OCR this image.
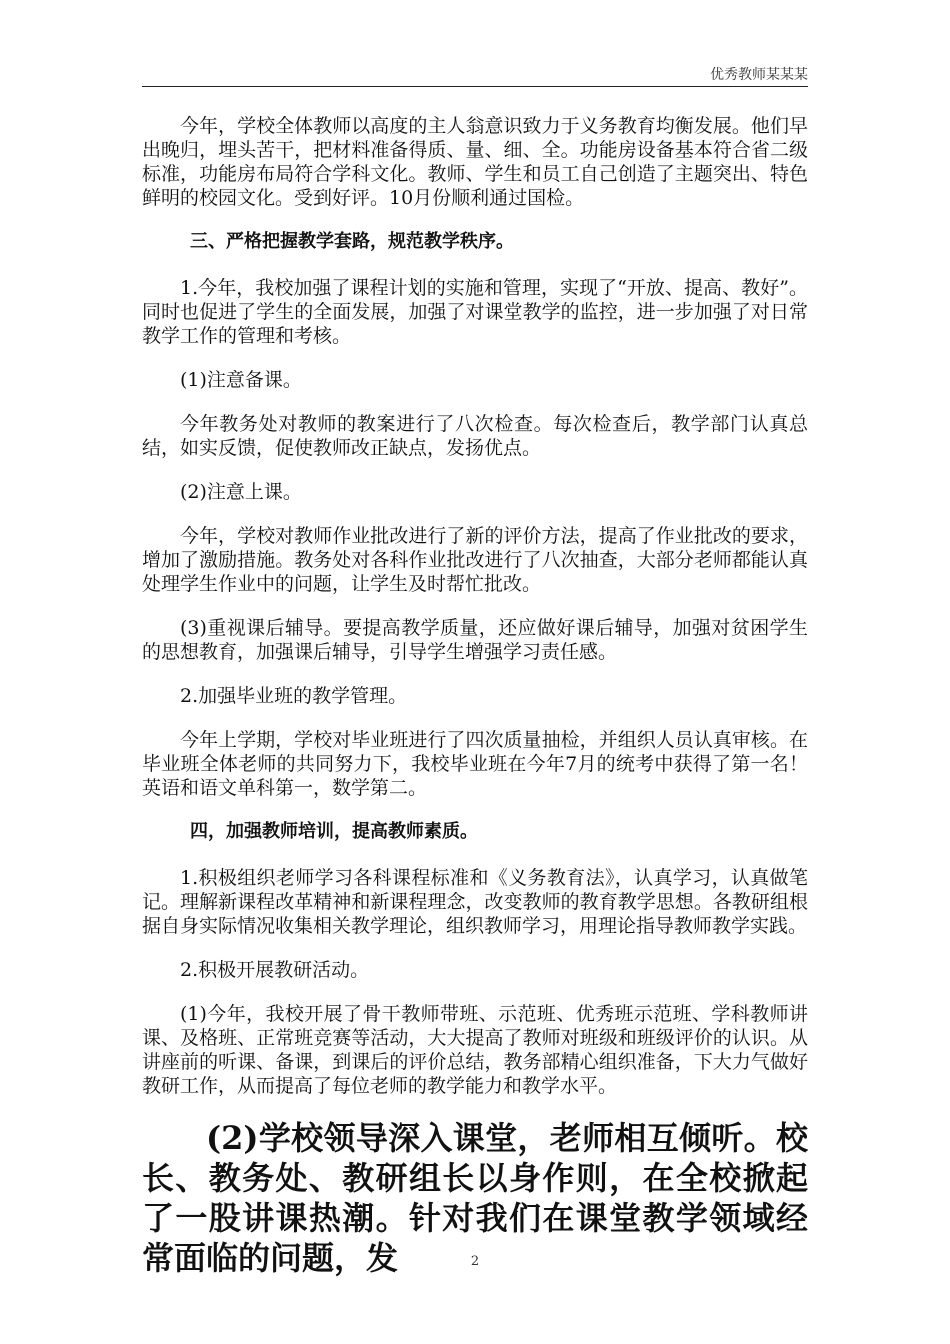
优秀教师某某某

今年，学校全体教师以高度的主人翁意识致力于义务教育均衡发展。他们早出晚归，埋头苦干，把材料准备得质、量、细、全。功能房设备基本符合省二级标准，功能房布局符合学科文化。教师、学生和员工自己创造了主题突出、特色鲜明的校园文化。受到好评。10月份顺利通过国检。

三、严格把握教学套路，规范教学秩序。

1.今年，我校加强了课程计划的实施和管理，实现了“开放、提高、教好”。同时也促进了学生的全面发展，加强了对课堂教学的监控，进一步加强了对日常教学工作的管理和考核。

(1)注意备课。

今年教务处对教师的教案进行了八次检查。每次检查后，教学部门认真总结，如实反馈，促使教师改正缺点，发扬优点。

(2)注意上课。

今年，学校对教师作业批改进行了新的评价方法，提高了作业批改的要求，增加了激励措施。教务处对各科作业批改进行了八次抽查，大部分老师都能认真处理学生作业中的问题，让学生及时帮忙批改。

(3)重视课后辅导。要提高教学质量，还应做好课后辅导，加强对贫困学生的思想教育，加强课后辅导，引导学生增强学习责任感。

2.加强毕业班的教学管理。

今年上学期，学校对毕业班进行了四次质量抽检，并组织人员认真审核。在毕业班全体老师的共同努力下，我校毕业班在今年7月的统考中获得了第一名！英语和语文单科第一，数学第二。

四，加强教师培训，提高教师素质。

1.积极组织老师学习各科课程标准和《义务教育法》，认真学习，认真做笔记。理解新课程改革精神和新课程理念，改变教师的教育教学思想。各教研组根据自身实际情况收集相关教学理论，组织教师学习，用理论指导教师教学实践。

2.积极开展教研活动。

(1)今年，我校开展了骨干教师带班、示范班、优秀班示范班、学科教师讲课、及格班、正常班竞赛等活动，大大提高了教师对班级和班级评价的认识。从讲座前的听课、备课，到课后的评价总结，教务部精心组织准备，下大力气做好教研工作，从而提高了每位老师的教学能力和教学水平。

(2)学校领导深入课堂，老师相互倾听。校长、教务处、教研组长以身作则，在全校掀起了一股讲课热潮。针对我们在课堂教学领域经常面临的问题，发	2
